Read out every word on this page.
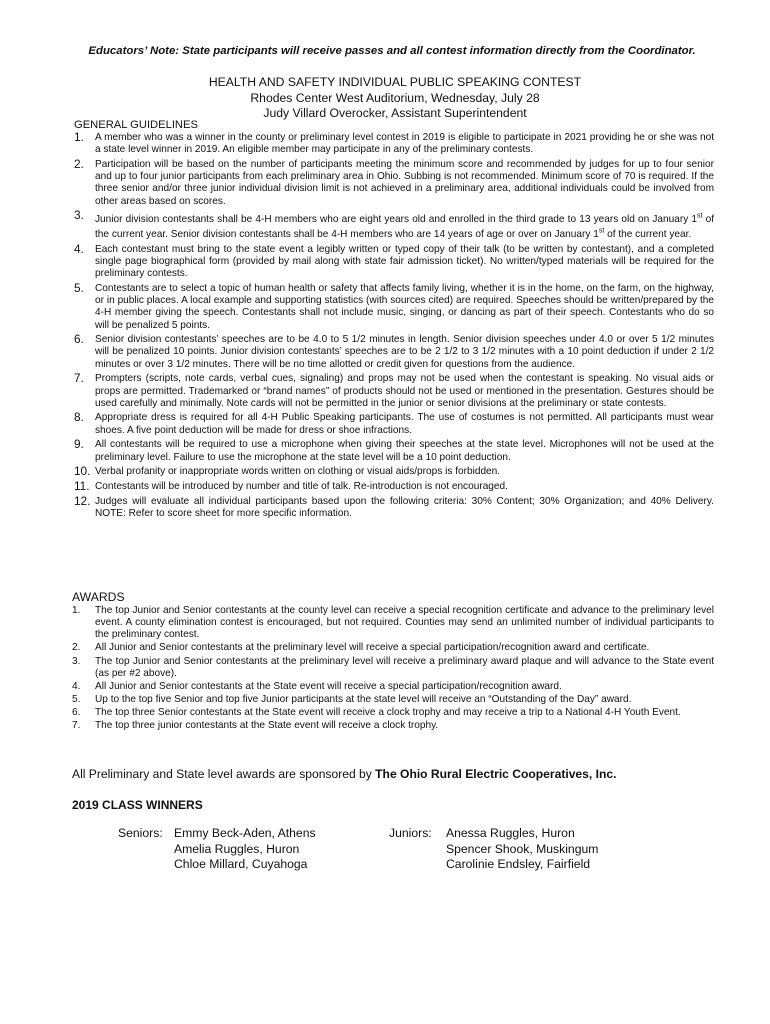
Educators’ Note: State participants will receive passes and all contest information directly from the Coordinator.
HEALTH AND SAFETY INDIVIDUAL PUBLIC SPEAKING CONTEST
Rhodes Center West Auditorium, Wednesday, July 28
Judy Villard Overocker, Assistant Superintendent
GENERAL GUIDELINES
1. A member who was a winner in the county or preliminary level contest in 2019 is eligible to participate in 2021 providing he or she was not a state level winner in 2019. An eligible member may participate in any of the preliminary contests.
2. Participation will be based on the number of participants meeting the minimum score and recommended by judges for up to four senior and up to four junior participants from each preliminary area in Ohio. Subbing is not recommended. Minimum score of 70 is required. If the three senior and/or three junior individual division limit is not achieved in a preliminary area, additional individuals could be involved from other areas based on scores.
3. Junior division contestants shall be 4-H members who are eight years old and enrolled in the third grade to 13 years old on January 1st of the current year. Senior division contestants shall be 4-H members who are 14 years of age or over on January 1st of the current year.
4. Each contestant must bring to the state event a legibly written or typed copy of their talk (to be written by contestant), and a completed single page biographical form (provided by mail along with state fair admission ticket). No written/typed materials will be required for the preliminary contests.
5. Contestants are to select a topic of human health or safety that affects family living, whether it is in the home, on the farm, on the highway, or in public places. A local example and supporting statistics (with sources cited) are required. Speeches should be written/prepared by the 4-H member giving the speech. Contestants shall not include music, singing, or dancing as part of their speech. Contestants who do so will be penalized 5 points.
6. Senior division contestants’ speeches are to be 4.0 to 5 1/2 minutes in length. Senior division speeches under 4.0 or over 5 1/2 minutes will be penalized 10 points. Junior division contestants’ speeches are to be 2 1/2 to 3 1/2 minutes with a 10 point deduction if under 2 1/2 minutes or over 3 1/2 minutes. There will be no time allotted or credit given for questions from the audience.
7. Prompters (scripts, note cards, verbal cues, signaling) and props may not be used when the contestant is speaking. No visual aids or props are permitted. Trademarked or “brand names” of products should not be used or mentioned in the presentation. Gestures should be used carefully and minimally. Note cards will not be permitted in the junior or senior divisions at the preliminary or state contests.
8. Appropriate dress is required for all 4-H Public Speaking participants. The use of costumes is not permitted. All participants must wear shoes. A five point deduction will be made for dress or shoe infractions.
9. All contestants will be required to use a microphone when giving their speeches at the state level. Microphones will not be used at the preliminary level. Failure to use the microphone at the state level will be a 10 point deduction.
10. Verbal profanity or inappropriate words written on clothing or visual aids/props is forbidden.
11. Contestants will be introduced by number and title of talk. Re-introduction is not encouraged.
12. Judges will evaluate all individual participants based upon the following criteria: 30% Content; 30% Organization; and 40% Delivery. NOTE: Refer to score sheet for more specific information.
AWARDS
1. The top Junior and Senior contestants at the county level can receive a special recognition certificate and advance to the preliminary level event. A county elimination contest is encouraged, but not required. Counties may send an unlimited number of individual participants to the preliminary contest.
2. All Junior and Senior contestants at the preliminary level will receive a special participation/recognition award and certificate.
3. The top Junior and Senior contestants at the preliminary level will receive a preliminary award plaque and will advance to the State event (as per #2 above).
4. All Junior and Senior contestants at the State event will receive a special participation/recognition award.
5. Up to the top five Senior and top five Junior participants at the state level will receive an “Outstanding of the Day” award.
6. The top three Senior contestants at the State event will receive a clock trophy and may receive a trip to a National 4-H Youth Event.
7. The top three junior contestants at the State event will receive a clock trophy.
All Preliminary and State level awards are sponsored by The Ohio Rural Electric Cooperatives, Inc.
2019 CLASS WINNERS
Seniors: Emmy Beck-Aden, Athens
Amelia Ruggles, Huron
Chloe Millard, Cuyahoga
Juniors: Anessa Ruggles, Huron
Spencer Shook, Muskingum
Carolinie Endsley, Fairfield
